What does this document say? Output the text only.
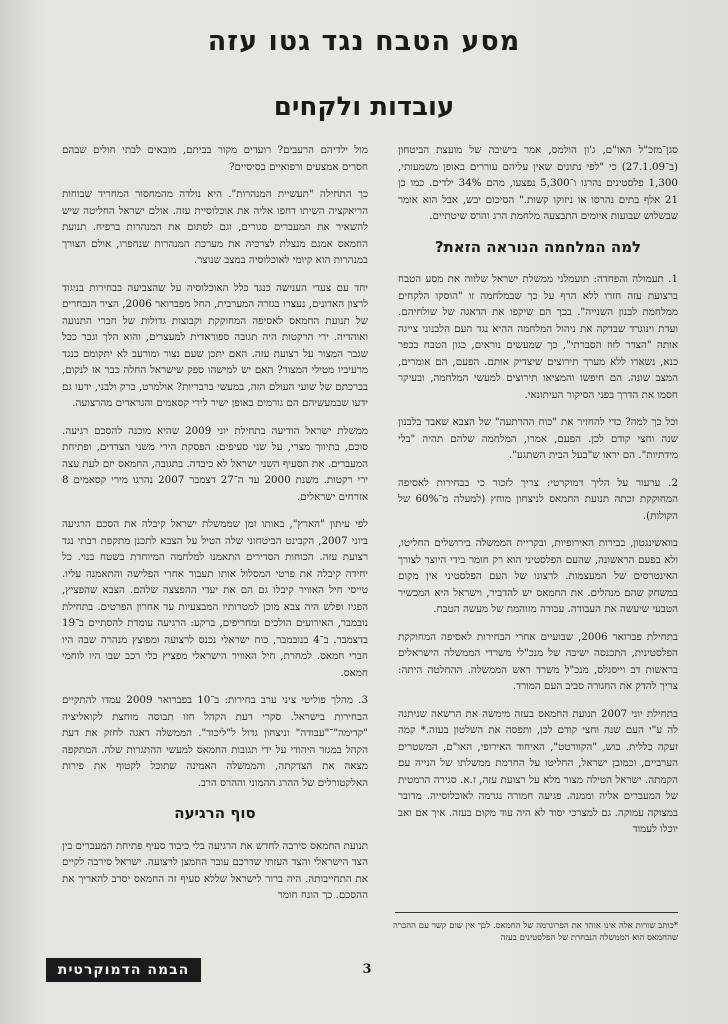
מסע הטבח נגד גטו עזה
עובדות ולקחים

סגן־מזכ"ל האו"ם, ג'ון הולמס, אמר בישיבה של מועצת הביטחון (ב־27.1.09) כי "לפי נתונים שאין עליהם עוררים באופן משמעותי, 1,300 פלסטינים נהרגו ו־5,300 נפצעו, מהם 34% ילדים. כמו כן 21 אלף בתים נהרסו או ניזוקו קשות." הסיכום יבש, אבל הוא אומר שבשלוש שבועות איומים התבצעה מלחמת הרג והרס שיטתיים.

למה המלחמה הנוראה הזאת?

1. תעמולה והפחדה: תועמלני ממשלת ישראל שלווה את מסע הטבח ברצועת עזה חזרו ללא הרף על כך שבמלחמה זו "הוסקו הלקחים ממלחמת לבנון השנייה". בכך הם שיקפו את הדאגה של שולחיהם. ועדת וינוגרד שבדקה את ניהול המלחמה ההיא נגד העם הלבנוני צייגה אותה "הצדר לזוז הסברתי", כך שמעשים נוראים, כגון הטבח בכפר כנא, נשארו ללא מערך תירוצים שיצדיק אותם. הפעם, הם אומרים, המצב שונה. הם חיפשו והמציאו תירוצים למעשי המלחמה, ובעיקר חסמו את הדרך בפני הסיקור העיתונאי.

וכל כך למה? כדי להחזיר את "כוח ההרתעה" של הצבא שאבד בלבנון שנה וחצי קודם לכן. הפעם, אמרו, המלחמה שלהם תהיה "בלי מידתיות". הם יראו ש"בעל הבית השתגע".

2. ערעור על הליך דמוקרטי: צריך לזכור כי בבחירות לאסיפה המחוקקת זכתה תנועת החמאס לניצחון מוחץ (למעלה מ־60% של הקולות).

בוואשינגטון, בבירות האירופיות, ובקריית הממשלה בירושלים החליטו, ולא בפעם הראשונה, שהעם הפלסטיני הוא רק חומר בידי היוצר לצורך האינטרסים של המעצמות. לרצונו של העם הפלסטיני אין מקום במשחק שהם מנהלים. את החמאס יש להדביר, וישראל היא המכשיר הטבעי שיעשה את העבודה. עבודה מזוהמת של מעשה הטבח.

בתחילת פברואר 2006, שבועיים אחרי הבחירות לאסיפה המחוקקת הפלסטינית, התכנסה ישיבה של מנכ"לי משרדי הממשלה הישראלים בראשות דב וייסגלס, מנכ"ל משרד ראש הממשלה. ההחלטה היתה: צריך להדק את החגורה סביב העם המורד.

בתחילת יוני 2007 תנועת החמאס בעזה מימשה את הרשאה שניתנה לה ע"י העם שנה וחצי קודם לכן, ותפסה את השלטון בעזה.* קמה זעקה כללית. בוש, "הקוורטט", האיחוד האירופי, האו"ם, המשטרים הערביים, וכמובן ישראל, החליטו על החרמת ממשלתו של הנייה עם הקמתה. ישראל הטילה מצור מלא על רצועת עזה, ז.א. סגירה הרמטית של המעברים אליה וממנה. פגיעה חמורה נגרמה לאוכלוסייה. מדובר במצוקה עמוקה. גם למצרכי יסוד לא היה עוד מקום בעזה. איך אם ואב יוכלו לעמוד

מול ילדיהם הרעבים? רועדים מקור בביתם, מובאים לבתי חולים שבהם חסרים אמצעים ורפואיים בסיסיים?

כך התחילה "תעשיית המנהרות". היא נולדה מהמחסור המחריד שבוחות הריאקציה השיתו דחפו אליה את אוכלוסיית עזה. אולם ישראל החליטה שיש להשאיר את המעברים סגורים, וגם לסתום את המנהרות ברפיח. תנועת החמאס אמנם מנצלת לצרכיה את מערכת המנהרות שנחפרו, אולם הצורך במנהרות הוא קיומי לאוכלוסיה במצב שנוצר.

יחד עם צעדי הענישה כנגד כלל האוכלוסיה על שהצביעה בבחירות בניגוד לרצון האדונים, נעצרו בגזרה המערבית, החל מפברואר 2006, הציר הנבחרים של תנועת החמאס לאסיפה המחוקקת וקבוצות גדולות של חברי התנועה ואוהדיה. ירי הרקטות היה תגובה ספוראדית למעצרים, והוא הלך וגבר ככל שגבר המצור על רצועת עזה. האם יתכן שעם נצור ומורעב לא יתקומם כנגד מרעיביו מטילי המצור? האם יש למישהו ספק שישראל החלה כבר אז לנקום, בברכתם של שועי העולם הזה, במעשי ברבריות? אולמרט, ברק ולבני, ידעו גם ידעו שבמעשיהם הם גורמים באופן ישיר לירי קסאמים והגראדים מהרצועה.

ממשלת ישראל הודיעה בתחילת יוני 2009 שהיא מוכנה להסכם רגיעה. סוכם, בתיווך מצרי, על שני סעיפים: הפסקת הירי משני הצדדים, ופתיחת המעברים. את הסעיף השני ישראל לא כיבדה. בתגובה, החמאס יזם לעת עצה ירי רקטות. משנת 2000 עד ה־27 דצמבר 2007 נהרגו מירי קסאמים 8 אזרחים ישראלים.

לפי עיתון "הארץ", באותו זמן שממשלת ישראל קיבלה את הסכם הרגיעה ביוני 2007, הקבינט הביטחוני שלה הטיל על הצבא לתכנן מתקפת רבתי נגד רצועת עזה. הכוחות הסדירים התאמנו למלחמה המיוחדת בשטח בנוי. כל יחידה קיבלה את פרטי המסלול אותו תעבור אחרי הפלישה והתאמנה עליו. טייסי חיל האוויר קיבלו גם הם את יעדי ההפצצה שלהם. הצבא שהפציץ, הפגיז ופלש היה צבא מוכן למטרותיו המבצעיות עד אחרון הפרטים. בתחילת נובמבר, האירועים הולכים ומחריפים, ברקע: הרגיעה עומדת להסתיים ב־19 בדצמבר. ב־4 בנובמבר, כוח ישראלי נכנס לרצועה ומפוצץ מנהרה שבה היו חברי חמאס. למחרת, חיל האוויר הישראלי מפציץ כלי רכב שבו היו לוחמי חמאס.

3. מהלך פוליטי ציני ערב בחירות: ב־10 בפברואר 2009 עמדו להתקיים הבחירות בישראל. סקרי דעת הקהל חזו תבוסה מוחצת לקואליציה "קדימה"־"עבודה" וניצחון גדול ל"ליכוד". הממשלה דאגה לחזק את דעת הקהל במגזר היהודי על ידי תגובות החמאס למעשי ההתגרות שלה. המתקפה מצאה את הצדקתה, והממשלה האמינה שתוכל לקטוף את פירות האלקטורלים של ההרג ההמוני וההרס הרב.

סוף הרגיעה

תנועת החמאס סירבה לחדש את הרגיעה בלי כיבוד סעיף פתיחת המעברים בין הצד הישראלי והצד העזתי שדרכם עובר החמצן לרצועה. ישראל סירבה לקיים את התחייבותה. היה ברור לישראל שללא סעיף זה החמאס יסרב להאריך את ההסכם. כך הונח חומר

*כותב שורות אלה אינו אוהד את הפרוגרמה של החמאס. לכך אין שום קשר עם ההכרה שהחמאס הוא הממשלה הנבחרת של הפלסטינים בעזה
הבמה הדמוקרטית	3
